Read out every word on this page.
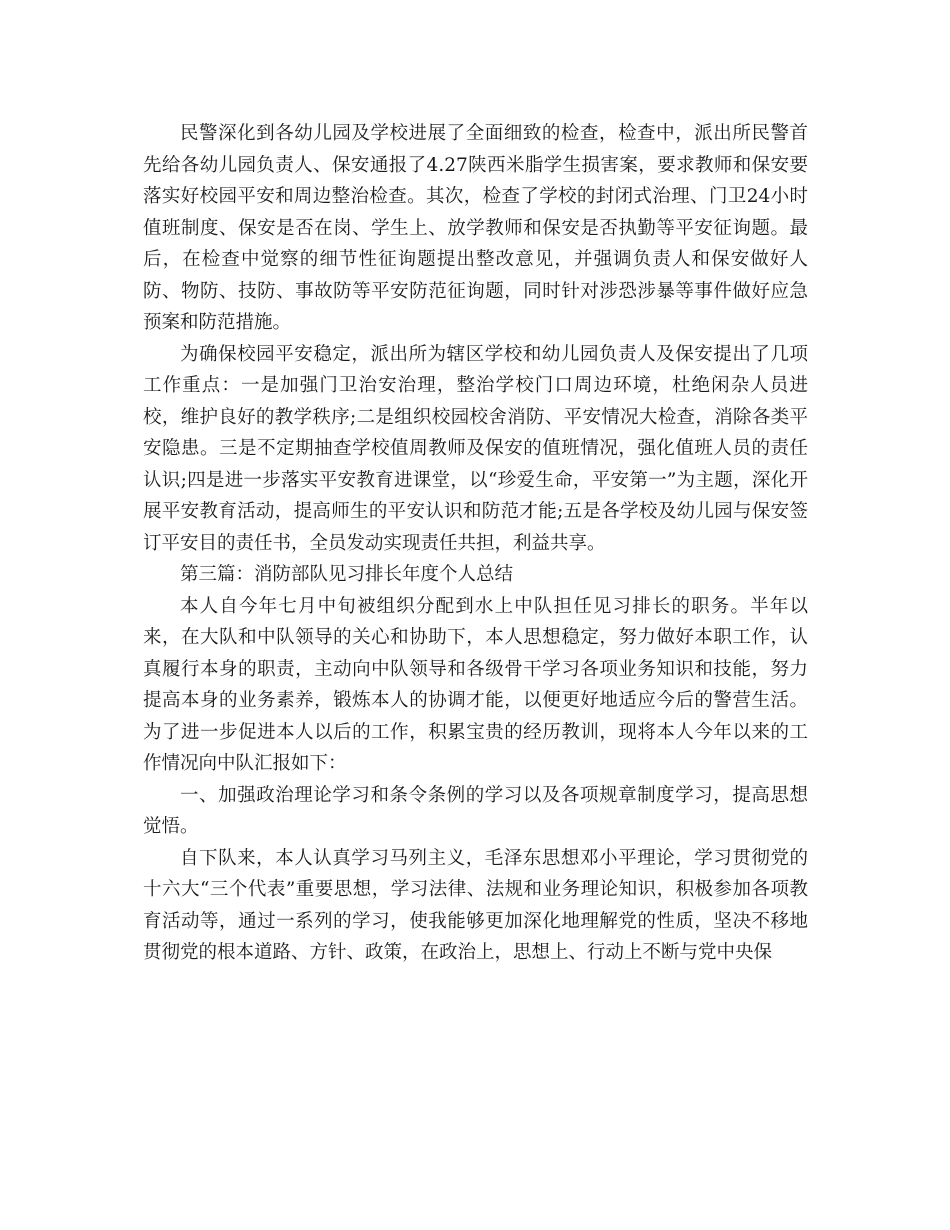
民警深化到各幼儿园及学校进展了全面细致的检查，检查中，派出所民警首先给各幼儿园负责人、保安通报了4.27陕西米脂学生损害案，要求教师和保安要落实好校园平安和周边整治检查。其次，检查了学校的封闭式治理、门卫24小时值班制度、保安是否在岗、学生上、放学教师和保安是否执勤等平安征询题。最后，在检查中觉察的细节性征询题提出整改意见，并强调负责人和保安做好人防、物防、技防、事故防等平安防范征询题，同时针对涉恐涉暴等事件做好应急预案和防范措施。

为确保校园平安稳定，派出所为辖区学校和幼儿园负责人及保安提出了几项工作重点：一是加强门卫治安治理，整治学校门口周边环境，杜绝闲杂人员进校，维护良好的教学秩序;二是组织校园校舍消防、平安情况大检查，消除各类平安隐患。三是不定期抽查学校值周教师及保安的值班情况，强化值班人员的责任认识;四是进一步落实平安教育进课堂，以“珍爱生命，平安第一”为主题，深化开展平安教育活动，提高师生的平安认识和防范才能;五是各学校及幼儿园与保安签订平安目的责任书，全员发动实现责任共担，利益共享。

第三篇：消防部队见习排长年度个人总结

本人自今年七月中旬被组织分配到水上中队担任见习排长的职务。半年以来，在大队和中队领导的关心和协助下，本人思想稳定，努力做好本职工作，认真履行本身的职责，主动向中队领导和各级骨干学习各项业务知识和技能，努力提高本身的业务素养，锻炼本人的协调才能，以便更好地适应今后的警营生活。为了进一步促进本人以后的工作，积累宝贵的经历教训，现将本人今年以来的工作情况向中队汇报如下：

一、加强政治理论学习和条令条例的学习以及各项规章制度学习，提高思想觉悟。

自下队来，本人认真学习马列主义，毛泽东思想邓小平理论，学习贯彻党的十六大“三个代表”重要思想，学习法律、法规和业务理论知识，积极参加各项教育活动等，通过一系列的学习，使我能够更加深化地理解党的性质，坚决不移地贯彻党的根本道路、方针、政策，在政治上，思想上、行动上不断与党中央保
